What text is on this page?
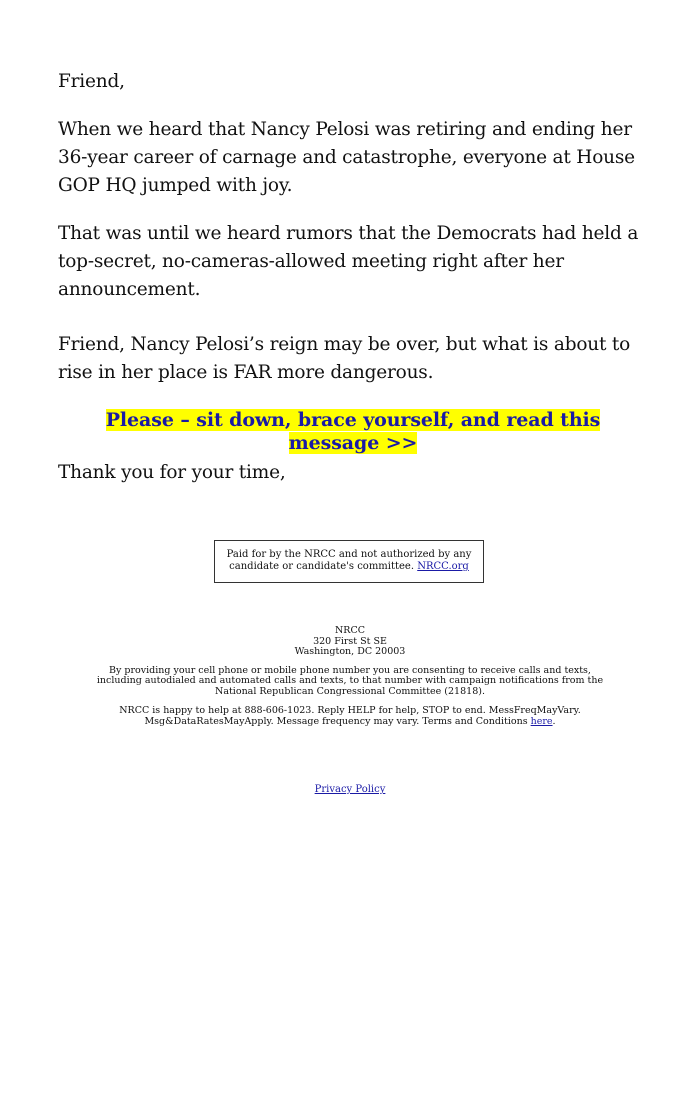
Friend,

When we heard that Nancy Pelosi was retiring and ending her 36-year career of carnage and catastrophe, everyone at House GOP HQ jumped with joy.

That was until we heard rumors that the Democrats had held a top-secret, no-cameras-allowed meeting right after her announcement.

Friend, Nancy Pelosi’s reign may be over, but what is about to rise in her place is FAR more dangerous.

Please – sit down, brace yourself, and read this message >>

Thank you for your time,

Paid for by the NRCC and not authorized by any candidate or candidate's committee. NRCC.org
NRCC
320 First St SE
Washington, DC 20003

By providing your cell phone or mobile phone number you are consenting to receive calls and texts, including autodialed and automated calls and texts, to that number with campaign notifications from the National Republican Congressional Committee (21818).

NRCC is happy to help at 888-606-1023. Reply HELP for help, STOP to end. MessFreqMayVary. Msg&DataRatesMayApply. Message frequency may vary. Terms and Conditions here.

Privacy Policy
